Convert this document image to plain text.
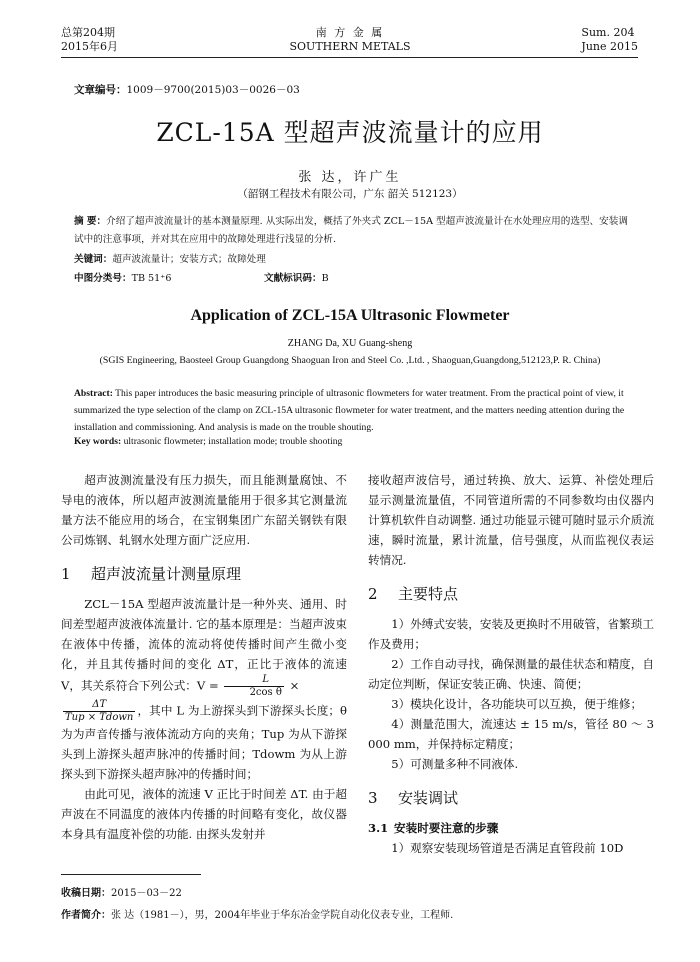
总第204期
2015年6月
南 方 金 属
SOUTHERN METALS
Sum. 204
June 2015
文章编号：1009－9700(2015)03－0026－03
ZCL-15A 型超声波流量计的应用
张 达，许广生
（韶钢工程技术有限公司，广东 韶关 512123）
摘 要：介绍了超声波流量计的基本测量原理. 从实际出发，概括了外夹式 ZCL－15A 型超声波流量计在水处理应用的选型、安装调试中的注意事项，并对其在应用中的故障处理进行浅显的分析.
关键词：超声波流量计；安装方式；故障处理
中图分类号：TB 51⁺6	文献标识码：B
Application of ZCL-15A Ultrasonic Flowmeter
ZHANG Da, XU Guang-sheng
(SGIS Engineering, Baosteel Group Guangdong Shaoguan Iron and Steel Co. ,Ltd. , Shaoguan,Guangdong,512123,P. R. China)
Abstract: This paper introduces the basic measuring principle of ultrasonic flowmeters for water treatment. From the practical point of view, it summarized the type selection of the clamp on ZCL-15A ultrasonic flowmeter for water treatment, and the matters needing attention during the installation and commissioning. And analysis is made on the trouble shouting.
Key words: ultrasonic flowmeter; installation mode; trouble shooting

超声波测流量没有压力损失，而且能测量腐蚀、不导电的液体，所以超声波测流量能用于很多其它测量流量方法不能应用的场合，在宝钢集团广东韶关钢铁有限公司炼钢、轧钢水处理方面广泛应用.

1 超声波流量计测量原理

ZCL－15A 型超声波流量计是一种外夹、通用、时间差型超声波液体流量计. 它的基本原理是：当超声波束在液体中传播，流体的流动将使传播时间产生微小变化，并且其传播时间的变化 ΔT，正比于液体的流速 V，其关系符合下列公式：$V = \frac{L}{\text{2cos θ}}$ ×

$\frac{\Delta T}{\text{Tup × Tdown}}$ ，其中 L 为上游探头到下游探头长度；θ 为为声音传播与液体流动方向的夹角；Tup 为从下游探头到上游探头超声脉冲的传播时间；Tdowm 为从上游探头到下游探头超声脉冲的传播时间；

由此可见，液体的流速 V 正比于时间差 ΔT. 由于超声波在不同温度的液体内传播的时间略有变化，故仪器本身具有温度补偿的功能. 由探头发射并

接收超声波信号，通过转换、放大、运算、补偿处理后显示测量流量值，不同管道所需的不同参数均由仪器内计算机软件自动调整. 通过功能显示键可随时显示介质流速，瞬时流量，累计流量，信号强度，从而监视仪表运转情况.

2 主要特点

1）外缚式安装，安装及更换时不用破管，省繁琐工作及费用；

2）工作自动寻找，确保测量的最佳状态和精度，自动定位判断，保证安装正确、快速、简便；

3）模块化设计，各功能块可以互换，便于维修；

4）测量范围大，流速达 ± 15 m/s，管径 80 ～ 3 000 mm，并保持标定精度；

5）可测量多种不同液体.

3 安装调试
3.1 安装时要注意的步骤

1）观察安装现场管道是否满足直管段前 10D

收稿日期：2015－03－22
作者简介：张 达（1981－），男，2004年毕业于华东冶金学院自动化仪表专业，工程师.
